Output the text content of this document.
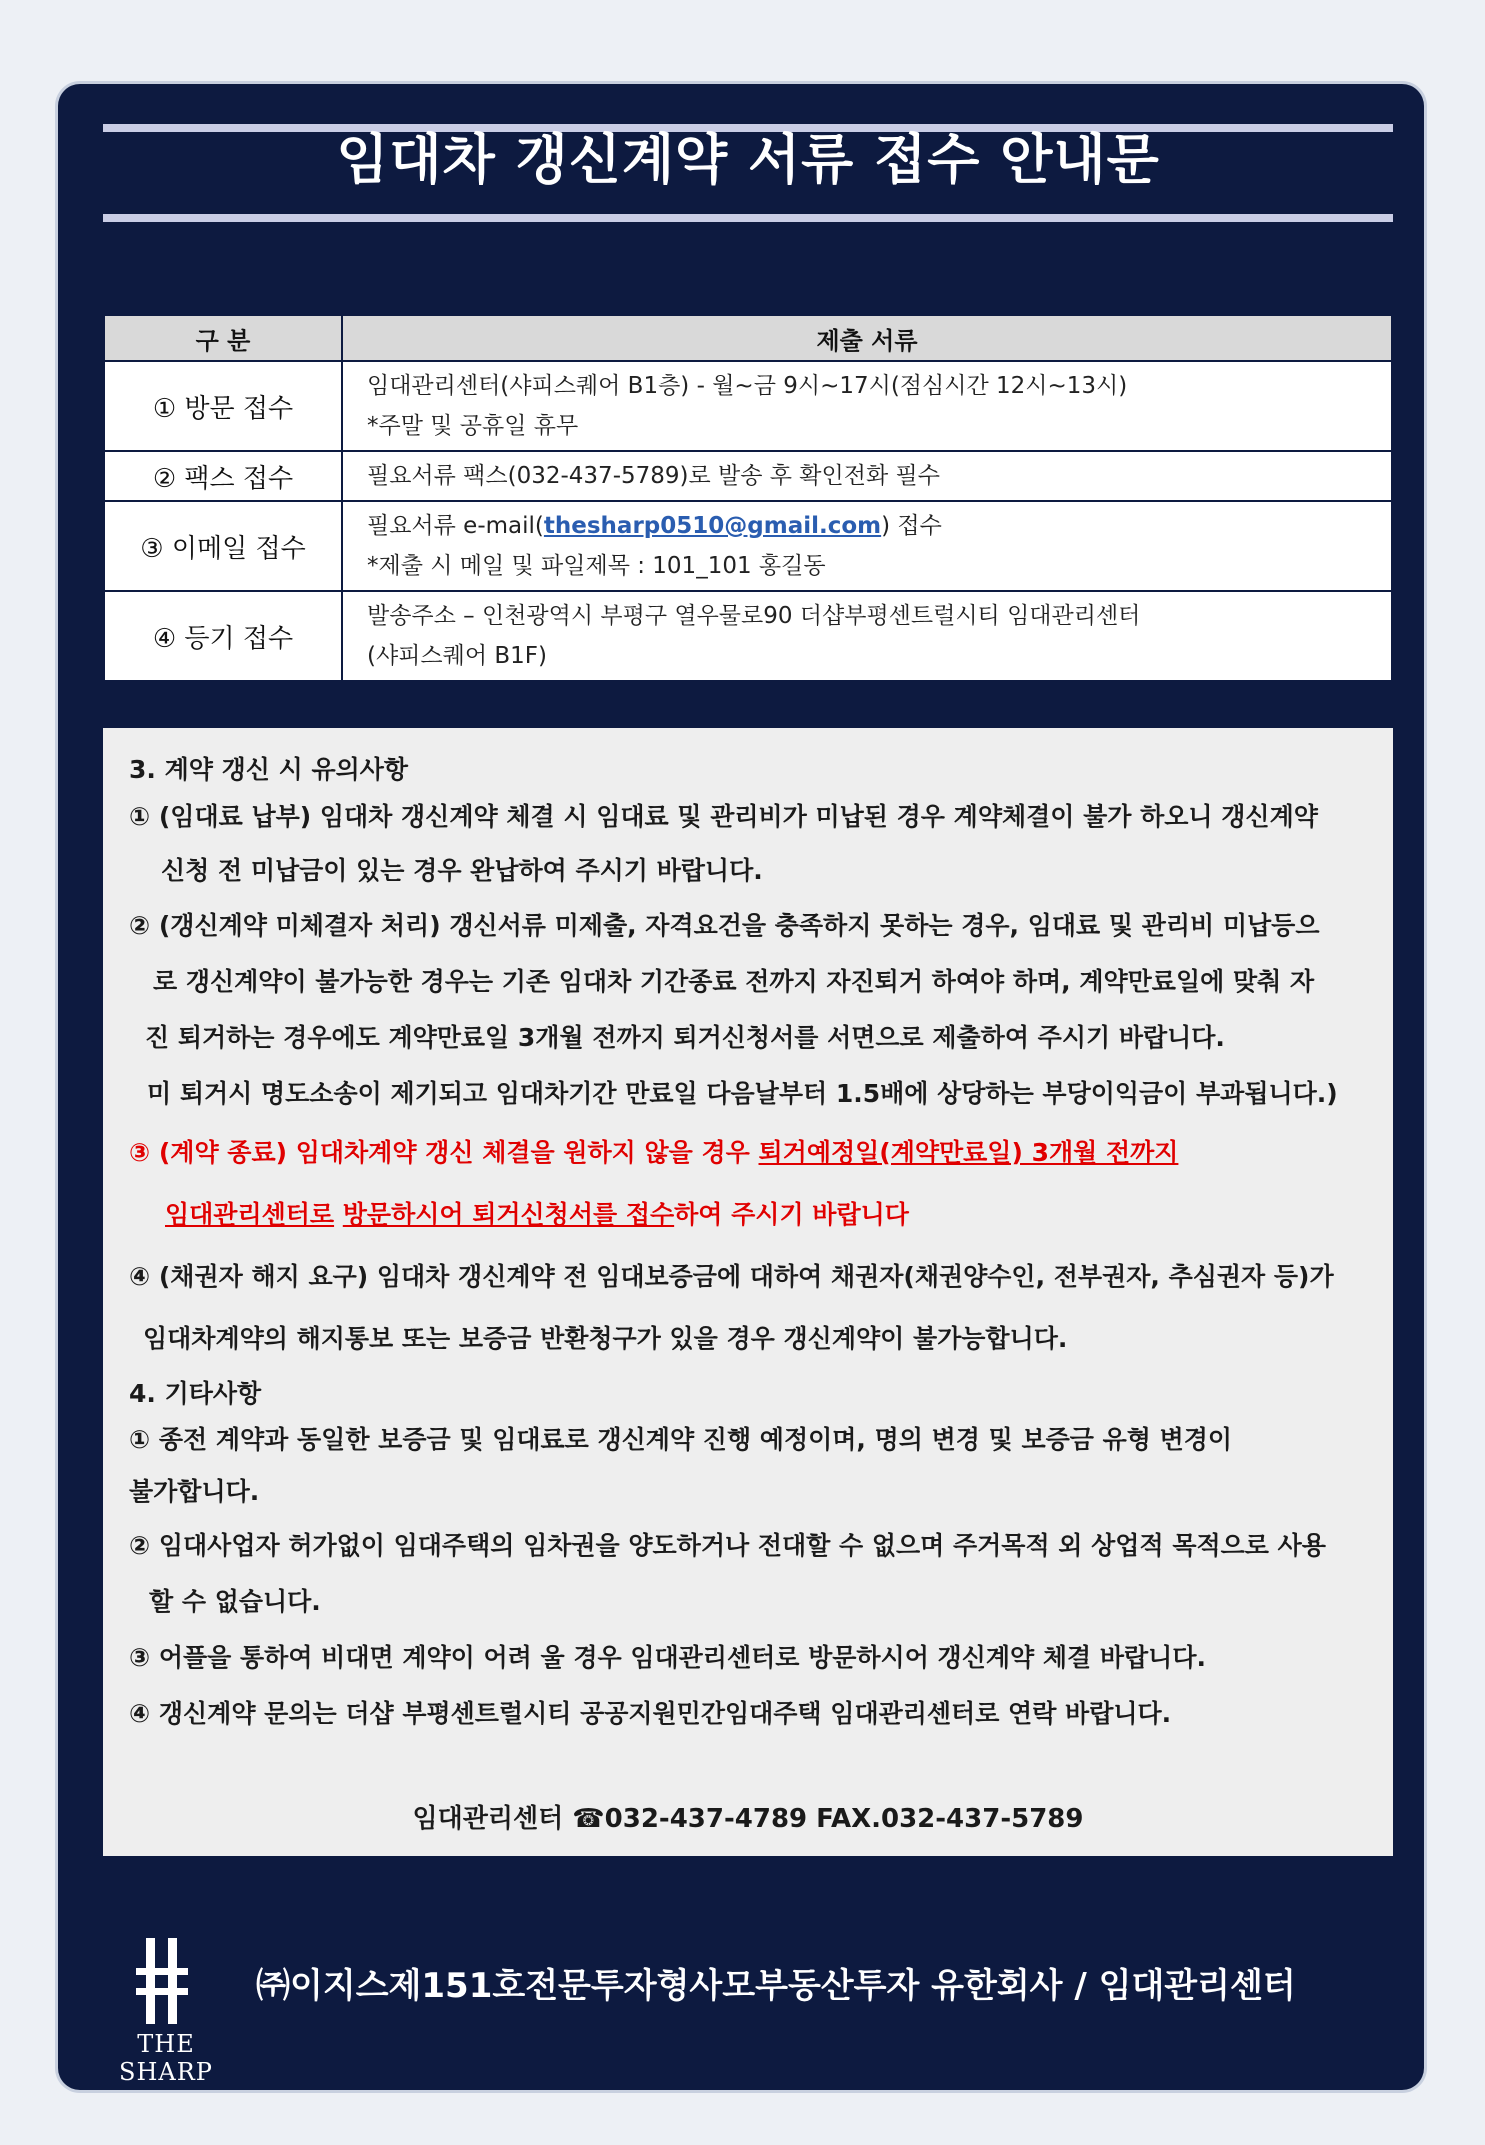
임대차 갱신계약 서류 접수 안내문
구 분	제출 서류
① 방문 접수	임대관리센터(샤피스퀘어 B1층) - 월~금 9시~17시(점심시간 12시~13시)
*주말 및 공휴일 휴무

② 팩스 접수	필요서류 팩스(032-437-5789)로 발송 후 확인전화 필수

③ 이메일 접수	필요서류 e-mail(thesharp0510@gmail.com) 접수
*제출 시 메일 및 파일제목 : 101_101 홍길동

④ 등기 접수	발송주소 – 인천광역시 부평구 열우물로90 더샵부평센트럴시티 임대관리센터
(샤피스퀘어 B1F)
3. 계약 갱신 시 유의사항
① (임대료 납부) 임대차 갱신계약 체결 시 임대료 및 관리비가 미납된 경우 계약체결이 불가 하오니 갱신계약
신청 전 미납금이 있는 경우 완납하여 주시기 바랍니다.
② (갱신계약 미체결자 처리) 갱신서류 미제출, 자격요건을 충족하지 못하는 경우, 임대료 및 관리비 미납등으
로 갱신계약이 불가능한 경우는 기존 임대차 기간종료 전까지 자진퇴거 하여야 하며, 계약만료일에 맞춰 자
진 퇴거하는 경우에도 계약만료일 3개월 전까지 퇴거신청서를 서면으로 제출하여 주시기 바랍니다.
미 퇴거시 명도소송이 제기되고 임대차기간 만료일 다음날부터 1.5배에 상당하는 부당이익금이 부과됩니다.)
③ (계약 종료) 임대차계약 갱신 체결을 원하지 않을 경우 퇴거예정일(계약만료일) 3개월 전까지
임대관리센터로 방문하시어 퇴거신청서를 접수하여 주시기 바랍니다
④ (채권자 해지 요구) 임대차 갱신계약 전 임대보증금에 대하여 채권자(채권양수인, 전부권자, 추심권자 등)가
임대차계약의 해지통보 또는 보증금 반환청구가 있을 경우 갱신계약이 불가능합니다.
4. 기타사항
① 종전 계약과 동일한 보증금 및 임대료로 갱신계약 진행 예정이며, 명의 변경 및 보증금 유형 변경이
불가합니다.
② 임대사업자 허가없이 임대주택의 임차권을 양도하거나 전대할 수 없으며 주거목적 외 상업적 목적으로 사용
할 수 없습니다.
③ 어플을 통하여 비대면 계약이 어려 울 경우 임대관리센터로 방문하시어 갱신계약 체결 바랍니다.
④ 갱신계약 문의는 더샵 부평센트럴시티 공공지원민간임대주택 임대관리센터로 연락 바랍니다.
임대관리센터 ☎032-437-4789 FAX.032-437-5789
THE SHARP
㈜이지스제151호전문투자형사모부동산투자 유한회사 / 임대관리센터
